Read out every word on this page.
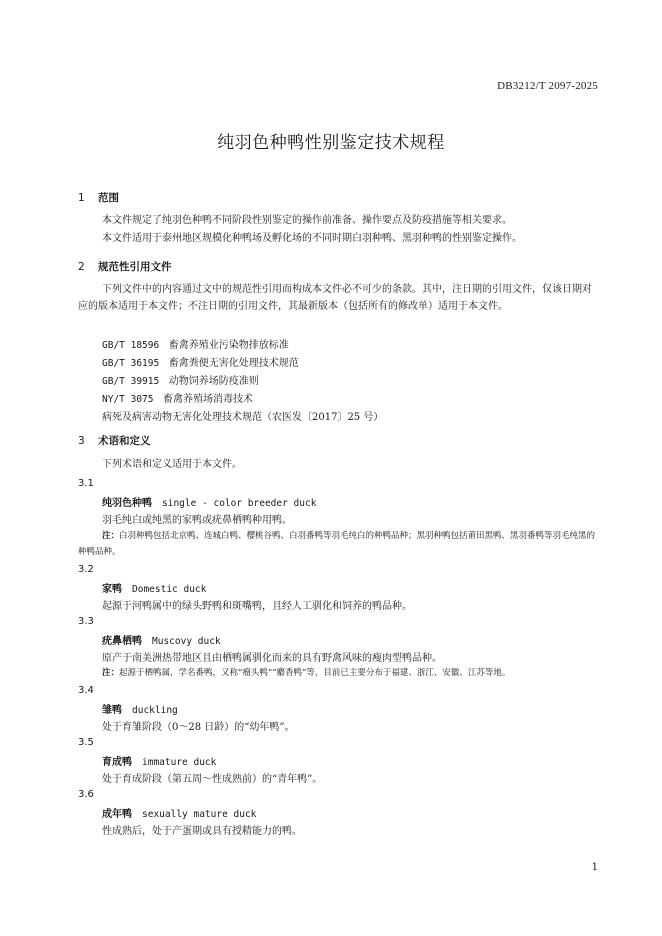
DB3212/T 2097-2025
纯羽色种鸭性别鉴定技术规程
1 范围
本文件规定了纯羽色种鸭不同阶段性别鉴定的操作前准备、操作要点及防疫措施等相关要求。
本文件适用于泰州地区规模化种鸭场及孵化场的不同时期白羽种鸭、黑羽种鸭的性别鉴定操作。
2 规范性引用文件
下列文件中的内容通过文中的规范性引用而构成本文件必不可少的条款。其中，注日期的引用文件，仅该日期对应的版本适用于本文件；不注日期的引用文件，其最新版本（包括所有的修改单）适用于本文件。
GB/T 18596 畜禽养殖业污染物排放标准
GB/T 36195 畜禽粪便无害化处理技术规范
GB/T 39915 动物饲养场防疫准则
NY/T 3075 畜禽养殖场消毒技术
病死及病害动物无害化处理技术规范（农医发〔2017〕25 号）
3 术语和定义
下列术语和定义适用于本文件。
3.1
纯羽色种鸭 single - color breeder duck
羽毛纯白或纯黑的家鸭或疣鼻栖鸭种用鸭。
注：白羽种鸭包括北京鸭、连城白鸭、樱桃谷鸭、白羽番鸭等羽毛纯白的种鸭品种；黑羽种鸭包括莆田黑鸭、黑羽番鸭等羽毛纯黑的种鸭品种。
3.2
家鸭 Domestic duck
起源于河鸭属中的绿头野鸭和斑嘴鸭，且经人工驯化和饲养的鸭品种。
3.3
疣鼻栖鸭 Muscovy duck
原产于南美洲热带地区且由栖鸭属驯化而来的具有野禽风味的瘦肉型鸭品种。
注：起源于栖鸭属，学名番鸭，又称“瘤头鸭”“麝香鸭”等，目前已主要分布于福建、浙江、安徽、江苏等地。
3.4
雏鸭 duckling
处于育雏阶段（0～28 日龄）的“幼年鸭”。
3.5
育成鸭 immature duck
处于育成阶段（第五周～性成熟前）的“青年鸭”。
3.6
成年鸭 sexually mature duck
性成熟后，处于产蛋期或具有授精能力的鸭。
1
